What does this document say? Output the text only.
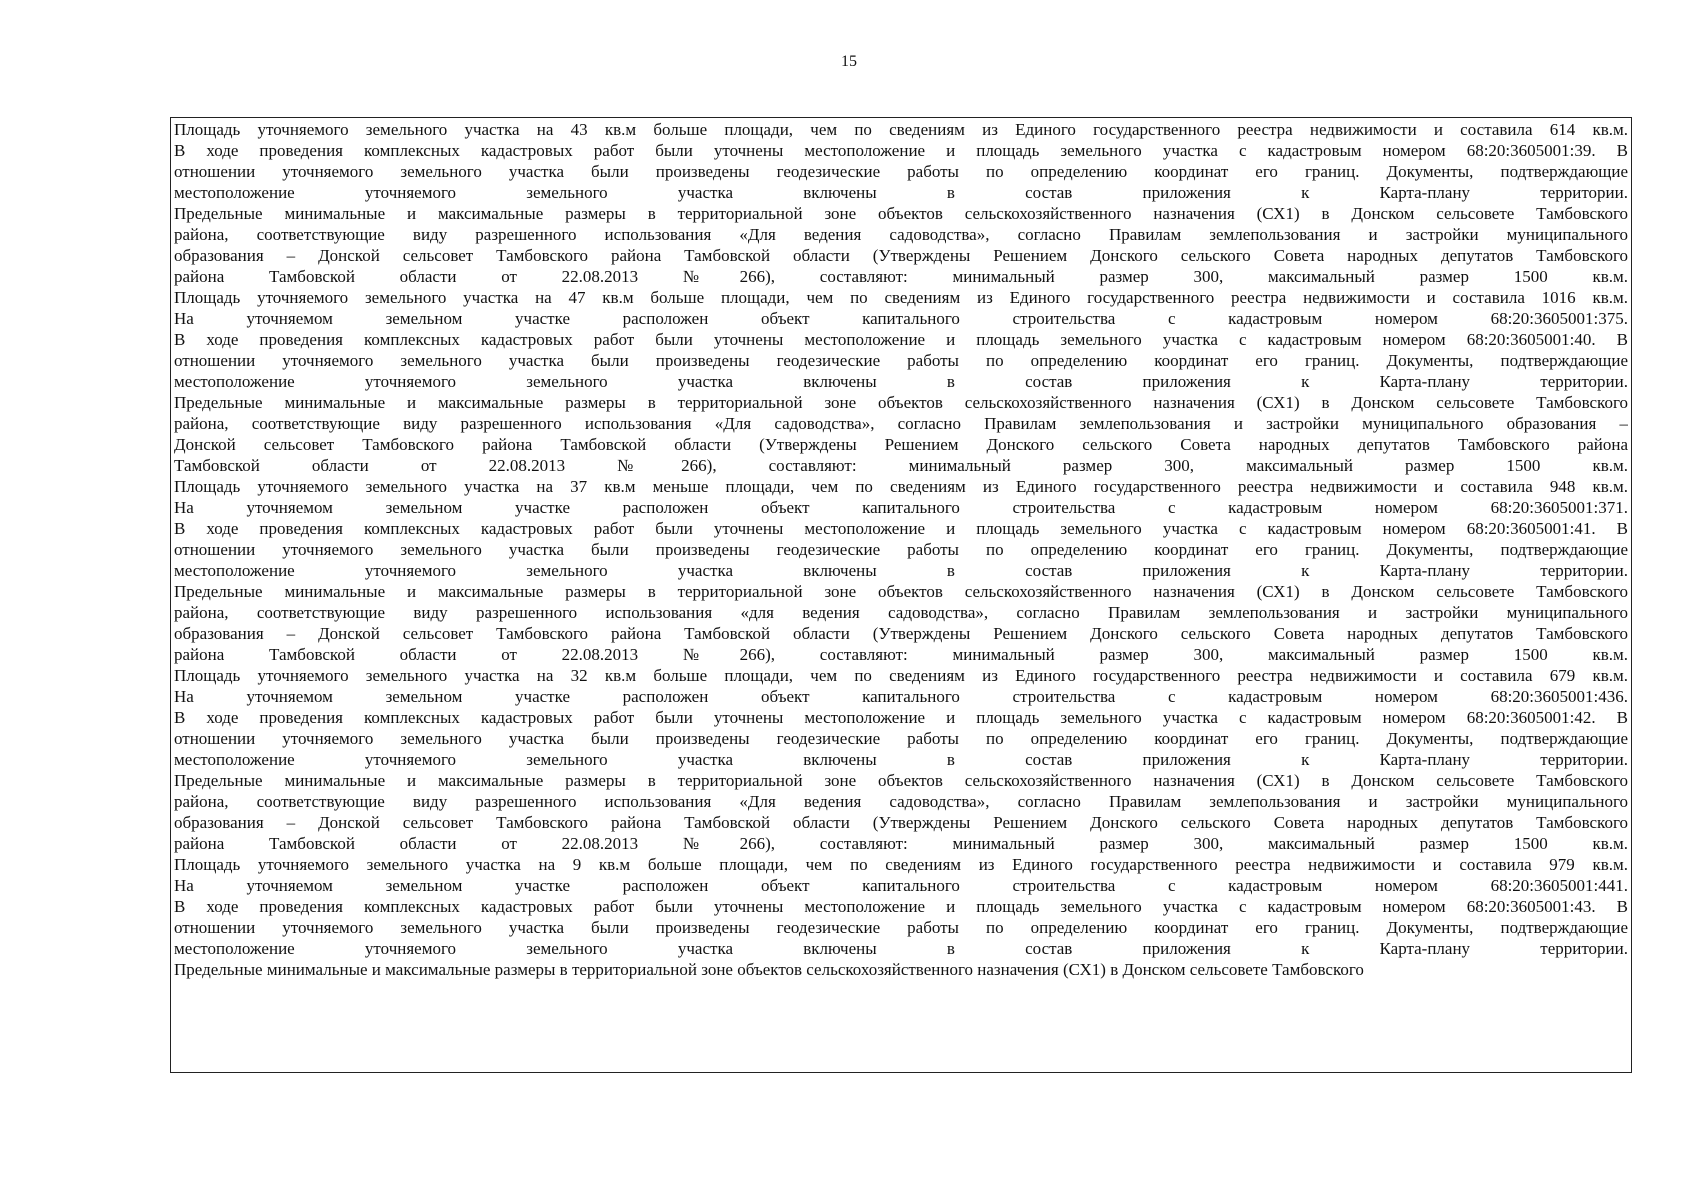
15
Площадь уточняемого земельного участка на 43 кв.м больше площади, чем по сведениям из Единого государственного реестра недвижимости и составила 614 кв.м.
В ходе проведения комплексных кадастровых работ были уточнены местоположение и площадь земельного участка с кадастровым номером 68:20:3605001:39. В
отношении уточняемого земельного участка были произведены геодезические работы по определению координат его границ. Документы, подтверждающие
местоположение уточняемого земельного участка включены в состав приложения к Карта-плану территории.
Предельные минимальные и максимальные размеры в территориальной зоне объектов сельскохозяйственного назначения (СХ1) в Донском сельсовете Тамбовского
района, соответствующие виду разрешенного использования «Для ведения садоводства», согласно Правилам землепользования и застройки муниципального
образования – Донской сельсовет Тамбовского района Тамбовской области (Утверждены Решением Донского сельского Совета народных депутатов Тамбовского
района Тамбовской области от 22.08.2013 №266), составляют: минимальный размер 300, максимальный размер 1500 кв.м.
Площадь уточняемого земельного участка на 47 кв.м больше площади, чем по сведениям из Единого государственного реестра недвижимости и составила 1016 кв.м.
На уточняемом земельном участке расположен объект капитального строительства с кадастровым номером 68:20:3605001:375.
В ходе проведения комплексных кадастровых работ были уточнены местоположение и площадь земельного участка с кадастровым номером 68:20:3605001:40. В
отношении уточняемого земельного участка были произведены геодезические работы по определению координат его границ. Документы, подтверждающие
местоположение уточняемого земельного участка включены в состав приложения к Карта-плану территории.
Предельные минимальные и максимальные размеры в территориальной зоне объектов сельскохозяйственного назначения (СХ1) в Донском сельсовете Тамбовского
района, соответствующие виду разрешенного использования «Для садоводства», согласно Правилам землепользования и застройки муниципального образования –
Донской сельсовет Тамбовского района Тамбовской области (Утверждены Решением Донского сельского Совета народных депутатов Тамбовского района
Тамбовской области от 22.08.2013 №266), составляют: минимальный размер 300, максимальный размер 1500 кв.м.
Площадь уточняемого земельного участка на 37 кв.м меньше площади, чем по сведениям из Единого государственного реестра недвижимости и составила 948 кв.м.
На уточняемом земельном участке расположен объект капитального строительства с кадастровым номером 68:20:3605001:371.
В ходе проведения комплексных кадастровых работ были уточнены местоположение и площадь земельного участка с кадастровым номером 68:20:3605001:41. В
отношении уточняемого земельного участка были произведены геодезические работы по определению координат его границ. Документы, подтверждающие
местоположение уточняемого земельного участка включены в состав приложения к Карта-плану территории.
Предельные минимальные и максимальные размеры в территориальной зоне объектов сельскохозяйственного назначения (СХ1) в Донском сельсовете Тамбовского
района, соответствующие виду разрешенного использования «для ведения садоводства», согласно Правилам землепользования и застройки муниципального
образования – Донской сельсовет Тамбовского района Тамбовской области (Утверждены Решением Донского сельского Совета народных депутатов Тамбовского
района Тамбовской области от 22.08.2013 №266), составляют: минимальный размер 300, максимальный размер 1500 кв.м.
Площадь уточняемого земельного участка на 32 кв.м больше площади, чем по сведениям из Единого государственного реестра недвижимости и составила 679 кв.м.
На уточняемом земельном участке расположен объект капитального строительства с кадастровым номером 68:20:3605001:436.
В ходе проведения комплексных кадастровых работ были уточнены местоположение и площадь земельного участка с кадастровым номером 68:20:3605001:42. В
отношении уточняемого земельного участка были произведены геодезические работы по определению координат его границ. Документы, подтверждающие
местоположение уточняемого земельного участка включены в состав приложения к Карта-плану территории.
Предельные минимальные и максимальные размеры в территориальной зоне объектов сельскохозяйственного назначения (СХ1) в Донском сельсовете Тамбовского
района, соответствующие виду разрешенного использования «Для ведения садоводства», согласно Правилам землепользования и застройки муниципального
образования – Донской сельсовет Тамбовского района Тамбовской области (Утверждены Решением Донского сельского Совета народных депутатов Тамбовского
района Тамбовской области от 22.08.2013 №266), составляют: минимальный размер 300, максимальный размер 1500 кв.м.
Площадь уточняемого земельного участка на 9 кв.м больше площади, чем по сведениям из Единого государственного реестра недвижимости и составила 979 кв.м.
На уточняемом земельном участке расположен объект капитального строительства с кадастровым номером 68:20:3605001:441.
В ходе проведения комплексных кадастровых работ были уточнены местоположение и площадь земельного участка с кадастровым номером 68:20:3605001:43. В
отношении уточняемого земельного участка были произведены геодезические работы по определению координат его границ. Документы, подтверждающие
местоположение уточняемого земельного участка включены в состав приложения к Карта-плану территории.
Предельные минимальные и максимальные размеры в территориальной зоне объектов сельскохозяйственного назначения (СХ1) в Донском сельсовете Тамбовского
